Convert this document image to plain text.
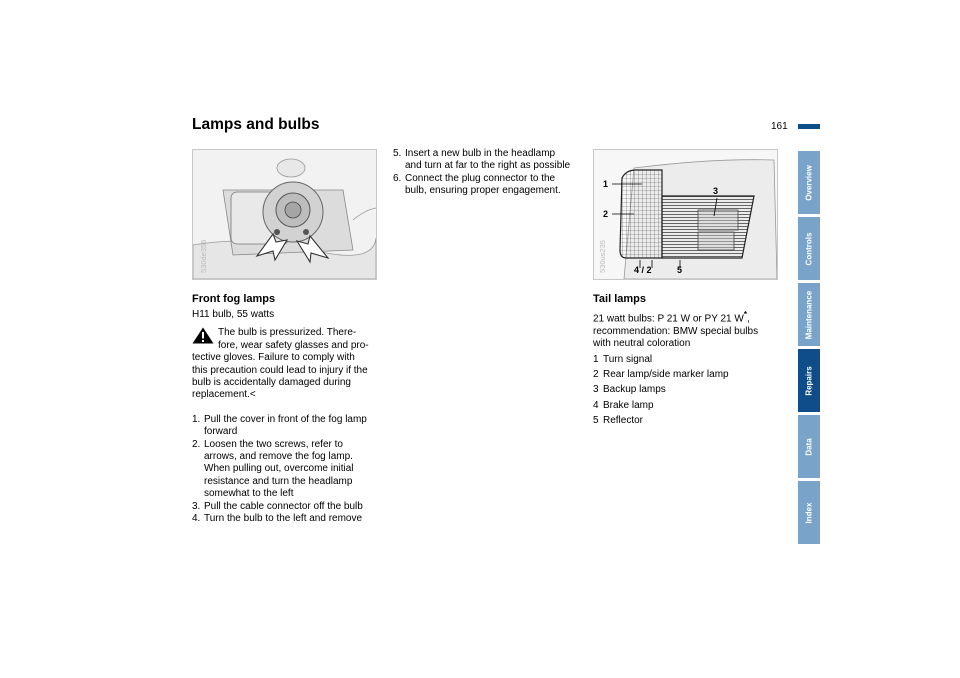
Lamps and bulbs	161
Overview
Controls
Maintenance
Repairs
Data
Index
530de356
Front fog lamps
H11 bulb, 55 watts
The bulb is pressurized. There-
fore, wear safety glasses and pro-
tective gloves. Failure to comply with
this precaution could lead to injury if the
bulb is accidentally damaged during
replacement.<
1. Pull the cover in front of the fog lamp
forward
2. Loosen the two screws, refer to
arrows, and remove the fog lamp.
When pulling out, overcome initial
resistance and turn the headlamp
somewhat to the left
3. Pull the cable connector off the bulb
4. Turn the bulb to the left and remove
5. Insert a new bulb in the headlamp
and turn at far to the right as possible
6. Connect the plug connector to the
bulb, ensuring proper engagement.
1
2
3
4 / 2	5
530us235
Tail lamps
21 watt bulbs: P 21 W or PY 21 W*,
recommendation: BMW special bulbs
with neutral coloration
1 Turn signal
2 Rear lamp/side marker lamp
3 Backup lamps
4 Brake lamp
5 Reflector
